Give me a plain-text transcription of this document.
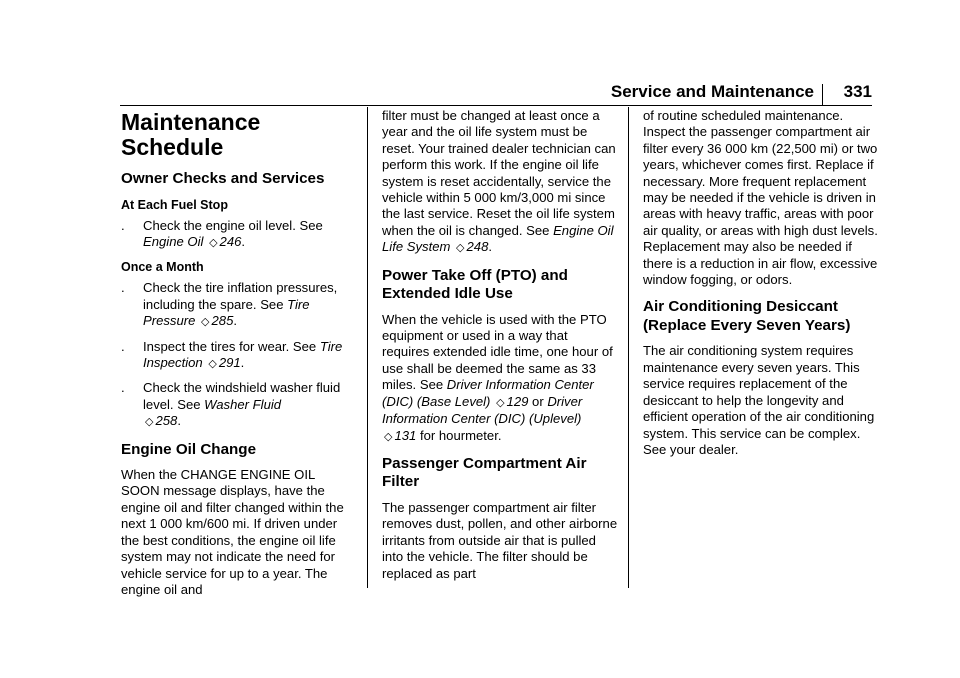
Service and Maintenance 331
Maintenance
Schedule
Owner Checks and Services
At Each Fuel Stop
. Check the engine oil level. See Engine Oil ◇ 246.
Once a Month
. Check the tire inflation pressures, including the spare. See Tire Pressure ◇ 285.
. Inspect the tires for wear. See Tire Inspection ◇ 291.
. Check the windshield washer fluid level. See Washer Fluid
◇ 258.
Engine Oil Change

When the CHANGE ENGINE OIL SOON message displays, have the engine oil and filter changed within the next 1 000 km/600 mi. If driven under the best conditions, the engine oil life system may not indicate the need for vehicle service for up to a year. The engine oil and

filter must be changed at least once a year and the oil life system must be reset. Your trained dealer technician can perform this work. If the engine oil life system is reset accidentally, service the vehicle within 5 000 km/3,000 mi since the last service. Reset the oil life system when the oil is changed. See Engine Oil Life System ◇ 248.

Power Take Off (PTO) and Extended Idle Use

When the vehicle is used with the PTO equipment or used in a way that requires extended idle time, one hour of use shall be deemed the same as 33 miles. See Driver Information Center (DIC) (Base Level) ◇ 129 or Driver Information Center (DIC) (Uplevel) ◇ 131 for hourmeter.

Passenger Compartment Air Filter

The passenger compartment air filter removes dust, pollen, and other airborne irritants from outside air that is pulled into the vehicle. The filter should be replaced as part

of routine scheduled maintenance. Inspect the passenger compartment air filter every 36 000 km (22,500 mi) or two years, whichever comes first. Replace if necessary. More frequent replacement may be needed if the vehicle is driven in areas with heavy traffic, areas with poor air quality, or areas with high dust levels. Replacement may also be needed if there is a reduction in air flow, excessive window fogging, or odors.

Air Conditioning Desiccant (Replace Every Seven Years)

The air conditioning system requires maintenance every seven years. This service requires replacement of the desiccant to help the longevity and efficient operation of the air conditioning system. This service can be complex. See your dealer.
